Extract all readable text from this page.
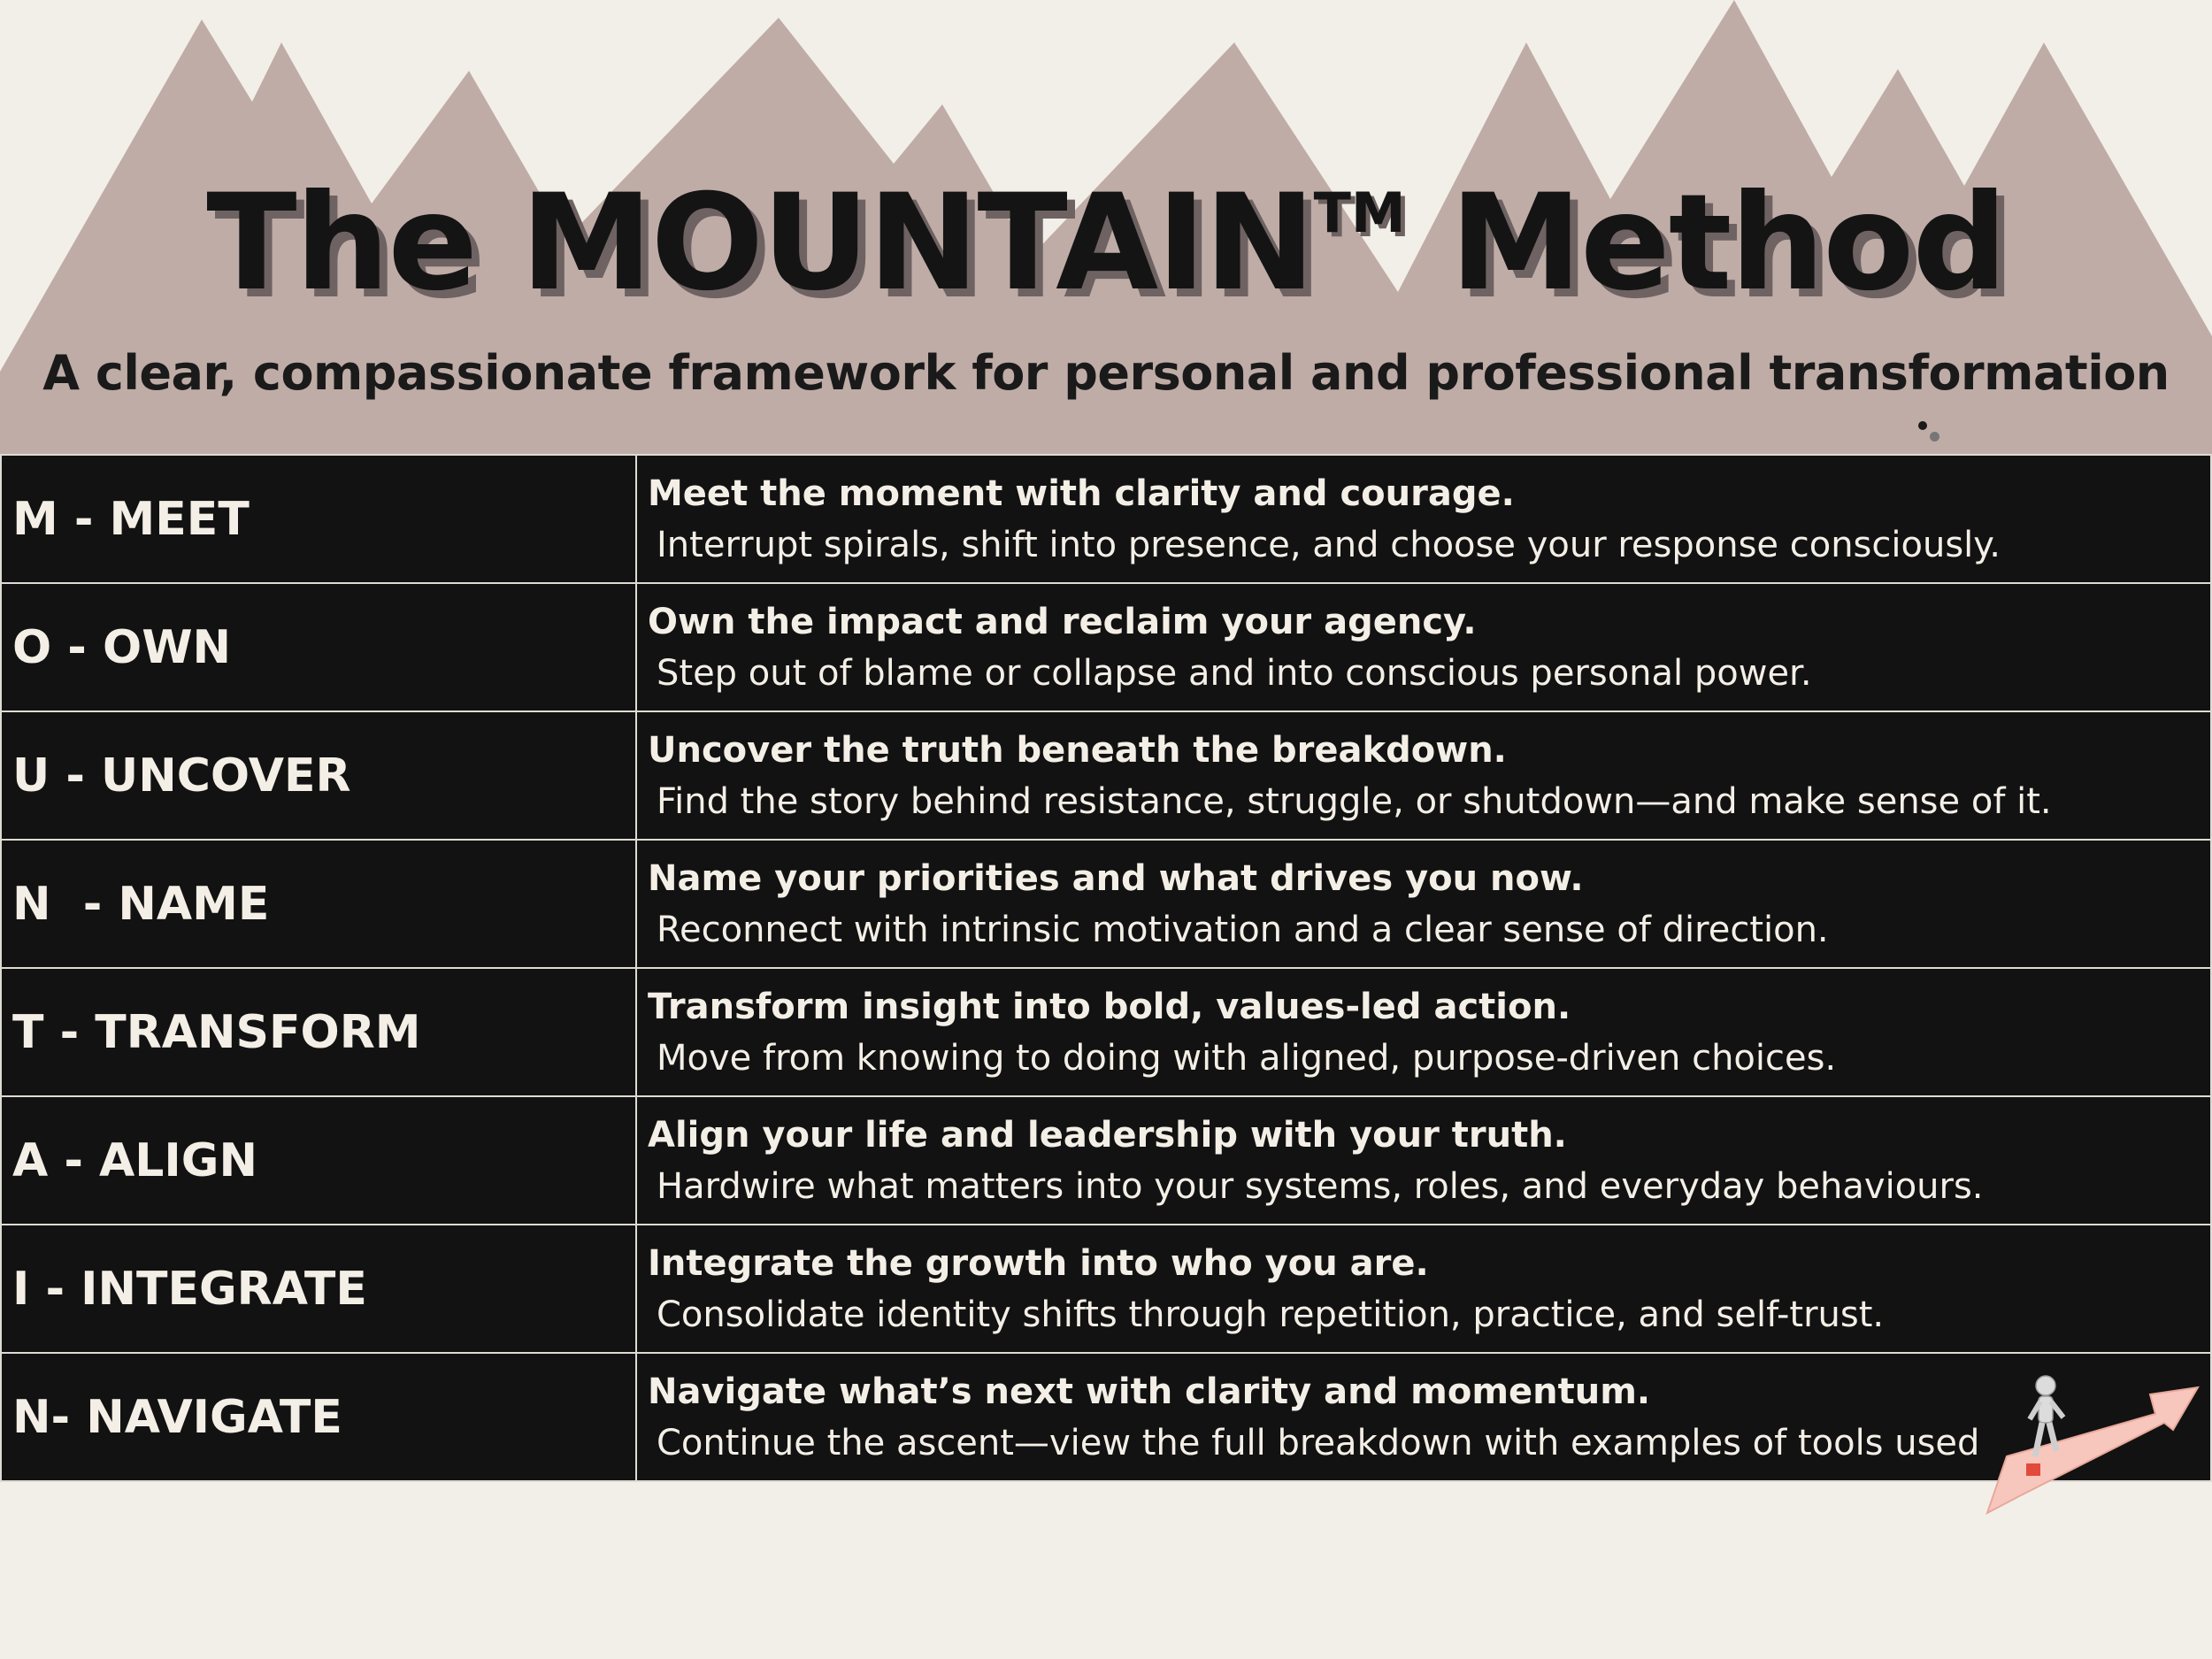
The MOUNTAIN™ Method
A clear, compassionate framework for personal and professional transformation
M - MEET	Meet the moment with clarity and courage.
Interrupt spirals, shift into presence, and choose your response consciously.

O - OWN	Own the impact and reclaim your agency.
Step out of blame or collapse and into conscious personal power.

U - UNCOVER	Uncover the truth beneath the breakdown.
Find the story behind resistance, struggle, or shutdown—and make sense of it.

N  - NAME	Name your priorities and what drives you now.
Reconnect with intrinsic motivation and a clear sense of direction.

T - TRANSFORM	Transform insight into bold, values-led action.
Move from knowing to doing with aligned, purpose-driven choices.

A - ALIGN	Align your life and leadership with your truth.
Hardwire what matters into your systems, roles, and everyday behaviours.

I - INTEGRATE	Integrate the growth into who you are.
Consolidate identity shifts through repetition, practice, and self-trust.

N- NAVIGATE	Navigate what’s next with clarity and momentum.
Continue the ascent—view the full breakdown with examples of tools used
